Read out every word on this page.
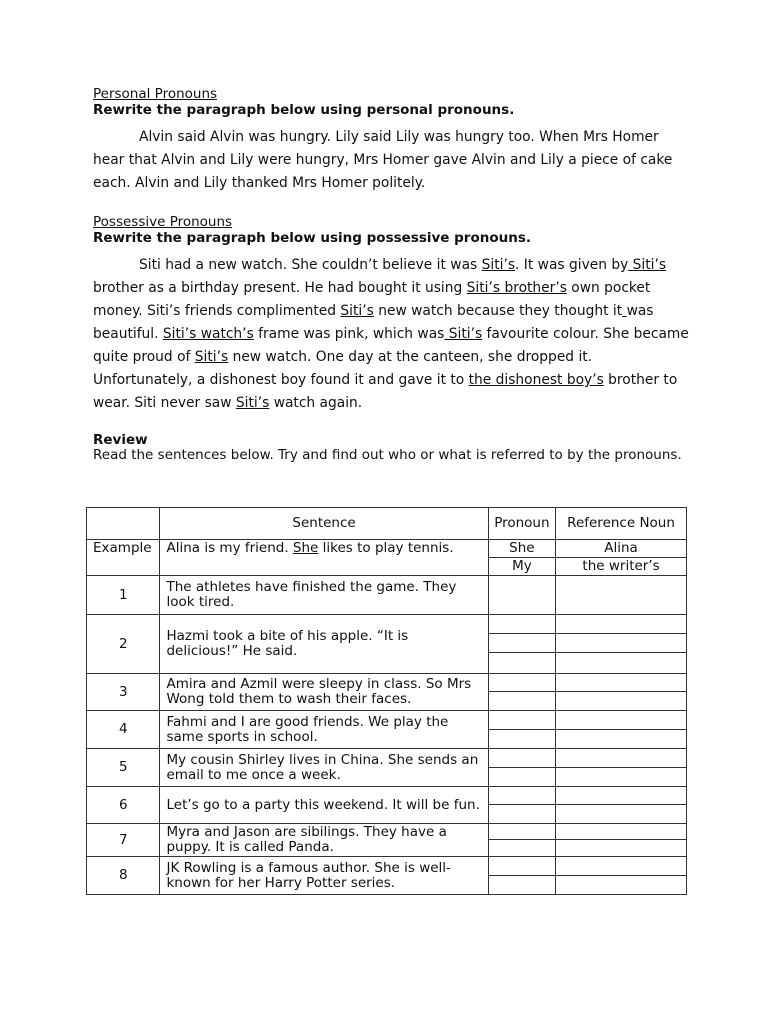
Personal Pronouns
Rewrite the paragraph below using personal pronouns.

Alvin said Alvin was hungry. Lily said Lily was hungry too. When Mrs Homer hear that Alvin and Lily were hungry, Mrs Homer gave Alvin and Lily a piece of cake each. Alvin and Lily thanked Mrs Homer politely.

Possessive Pronouns
Rewrite the paragraph below using possessive pronouns.

Siti had a new watch. She couldn’t believe it was Siti’s. It was given by Siti’s brother as a birthday present. He had bought it using Siti’s brother’s own pocket money. Siti’s friends complimented Siti’s new watch because they thought it was beautiful. Siti’s watch’s frame was pink, which was Siti’s favourite colour. She became quite proud of Siti’s new watch. One day at the canteen, she dropped it. Unfortunately, a dishonest boy found it and gave it to the dishonest boy’s brother to wear. Siti never saw Siti’s watch again.

Review
Read the sentences below. Try and find out who or what is referred to by the pronouns.
	Sentence	Pronoun	Reference Noun
Example	Alina is my friend. She likes to play tennis.	She	Alina
		My	the writer’s
1	The athletes have finished the game. They look tired.		
2	Hazmi took a bite of his apple. “It is delicious!” He said.		

3	Amira and Azmil were sleepy in class. So Mrs Wong told them to wash their faces.		

4	Fahmi and I are good friends. We play the same sports in school.		

5	My cousin Shirley lives in China. She sends an email to me once a week.		

6	Let’s go to a party this weekend. It will be fun.		

7	Myra and Jason are sibilings. They have a puppy. It is called Panda.		

8	JK Rowling is a famous author. She is well-known for her Harry Potter series.		
